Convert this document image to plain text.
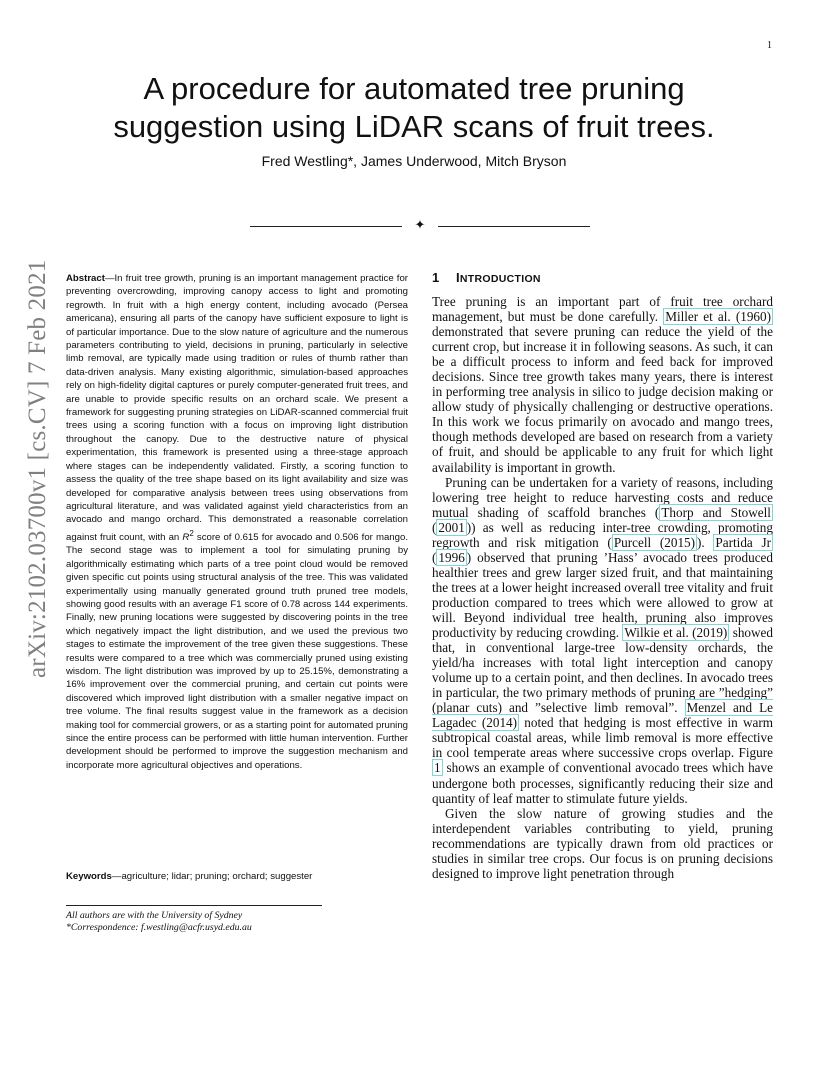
1
arXiv:2102.03700v1 [cs.CV] 7 Feb 2021
A procedure for automated tree pruning
suggestion using LiDAR scans of fruit trees.
Fred Westling*, James Underwood, Mitch Bryson
✦

Abstract—In fruit tree growth, pruning is an important management practice for preventing overcrowding, improving canopy access to light and promoting regrowth. In fruit with a high energy content, including avocado (Persea americana), ensuring all parts of the canopy have sufficient exposure to light is of particular importance. Due to the slow nature of agriculture and the numerous parameters contributing to yield, decisions in pruning, particularly in selective limb removal, are typically made using tradition or rules of thumb rather than data-driven analysis. Many existing algorithmic, simulation-based approaches rely on high-fidelity digital captures or purely computer-generated fruit trees, and are unable to provide specific results on an orchard scale. We present a framework for suggesting pruning strategies on LiDAR-scanned commercial fruit trees using a scoring function with a focus on improving light distribution throughout the canopy. Due to the destructive nature of physical experimentation, this framework is presented using a three-stage approach where stages can be independently validated. Firstly, a scoring function to assess the quality of the tree shape based on its light availability and size was developed for comparative analysis between trees using observations from agricultural literature, and was validated against yield characteristics from an avocado and mango orchard. This demonstrated a reasonable correlation against fruit count, with an $R^2$ score of 0.615 for avocado and 0.506 for mango. The second stage was to implement a tool for simulating pruning by algorithmically estimating which parts of a tree point cloud would be removed given specific cut points using structural analysis of the tree. This was validated experimentally using manually generated ground truth pruned tree models, showing good results with an average F1 score of 0.78 across 144 experiments. Finally, new pruning locations were suggested by discovering points in the tree which negatively impact the light distribution, and we used the previous two stages to estimate the improvement of the tree given these suggestions. These results were compared to a tree which was commercially pruned using existing wisdom. The light distribution was improved by up to 25.15%, demonstrating a 16% improvement over the commercial pruning, and certain cut points were discovered which improved light distribution with a smaller negative impact on tree volume. The final results suggest value in the framework as a decision making tool for commercial growers, or as a starting point for automated pruning since the entire process can be performed with little human intervention. Further development should be performed to improve the suggestion mechanism and incorporate more agricultural objectives and operations.

Keywords—agriculture; lidar; pruning; orchard; suggester
All authors are with the University of Sydney
*Correspondence: f.westling@acfr.usyd.edu.au
1 INTRODUCTION

Tree pruning is an important part of fruit tree orchard management, but must be done carefully. Miller et al. (1960) demonstrated that severe pruning can reduce the yield of the current crop, but increase it in following seasons. As such, it can be a difficult process to inform and feed back for improved decisions. Since tree growth takes many years, there is interest in performing tree analysis in silico to judge decision making or allow study of physically challenging or destructive operations. In this work we focus primarily on avocado and mango trees, though methods developed are based on research from a variety of fruit, and should be applicable to any fruit for which light availability is important in growth.

Pruning can be undertaken for a variety of reasons, including lowering tree height to reduce harvesting costs and reduce mutual shading of scaffold branches ( Thorp and Stowell ( 2001 )) as well as reducing inter-tree crowding, promoting regrowth and risk mitigation ( Purcell (2015) ). Partida Jr ( 1996 ) observed that pruning ’Hass’ avocado trees produced healthier trees and grew larger sized fruit, and that maintaining the trees at a lower height increased overall tree vitality and fruit production compared to trees which were allowed to grow at will. Beyond individual tree health, pruning also improves productivity by reducing crowding. Wilkie et al. (2019) showed that, in conventional large-tree low-density orchards, the yield/ha increases with total light interception and canopy volume up to a certain point, and then declines. In avocado trees in particular, the two primary methods of pruning are ”hedging” (planar cuts) and ”selective limb removal”. Menzel and Le Lagadec (2014) noted that hedging is most effective in warm subtropical coastal areas, while limb removal is more effective in cool temperate areas where successive crops overlap. Figure 1 shows an example of conventional avocado trees which have undergone both processes, significantly reducing their size and quantity of leaf matter to stimulate future yields.

Given the slow nature of growing studies and the interdependent variables contributing to yield, pruning recommendations are typically drawn from old practices or studies in similar tree crops. Our focus is on pruning decisions designed to improve light penetration through
